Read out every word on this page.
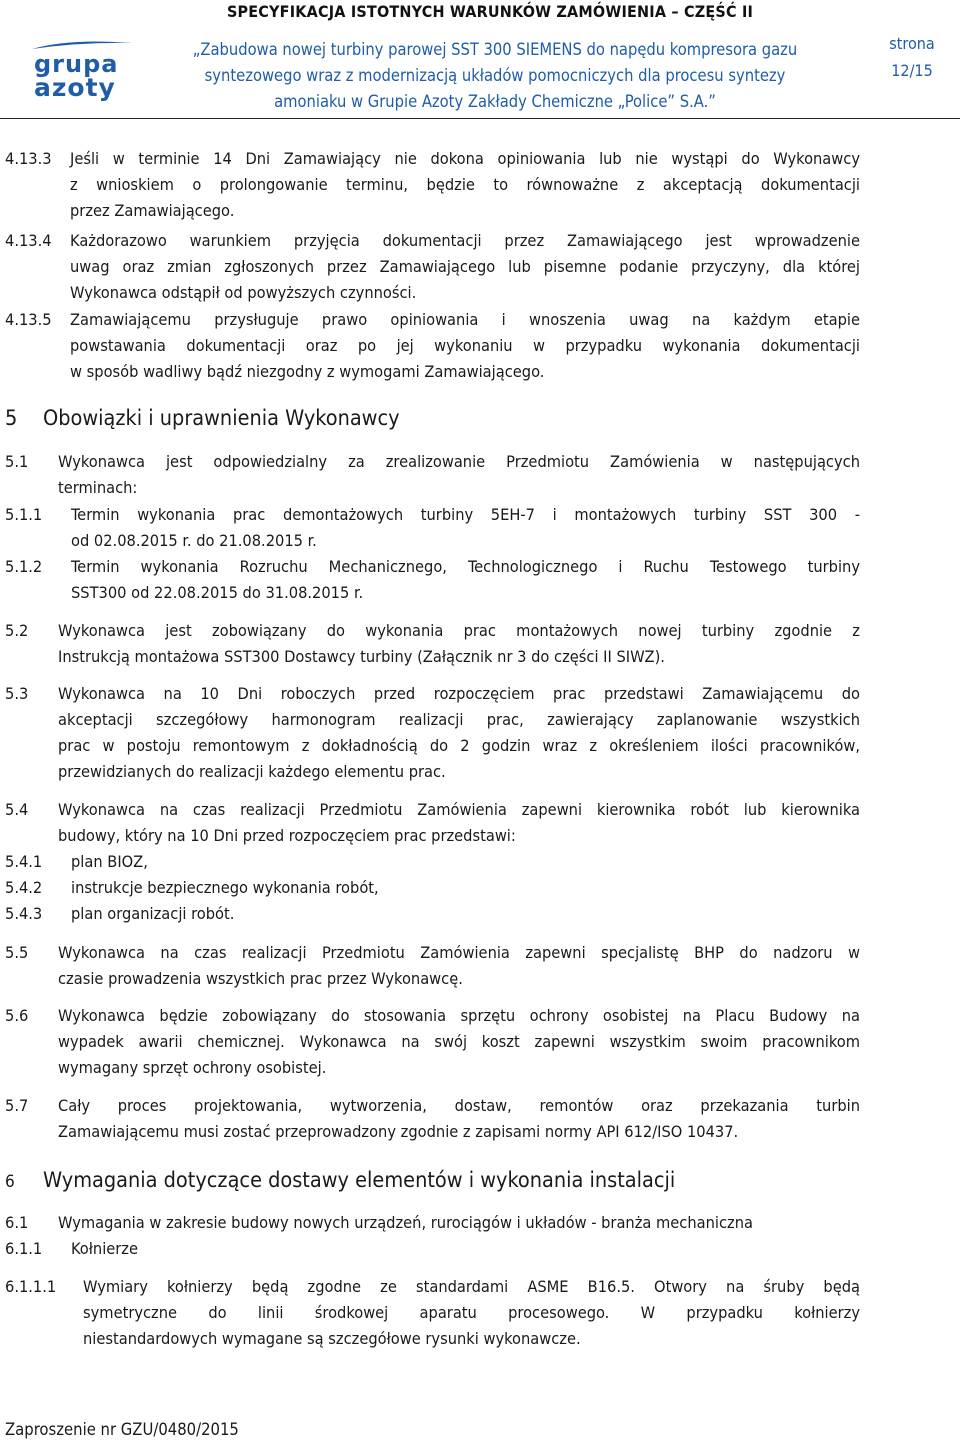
grupa
azoty
SPECYFIKACJA ISTOTNYCH WARUNKÓW ZAMÓWIENIA – CZĘŚĆ II
„Zabudowa nowej turbiny parowej SST 300 SIEMENS do napędu kompresora gazu
syntezowego wraz z modernizacją układów pomocniczych dla procesu syntezy
amoniaku w Grupie Azoty Zakłady Chemiczne „Police” S.A.”
strona
12/15
4.13.3 Jeśli w terminie 14 Dni Zamawiający nie dokona opiniowania lub nie wystąpi do Wykonawcy
z wnioskiem o prolongowanie terminu, będzie to równoważne z akceptacją dokumentacji
przez Zamawiającego.
4.13.4 Każdorazowo warunkiem przyjęcia dokumentacji przez Zamawiającego jest wprowadzenie
uwag oraz zmian zgłoszonych przez Zamawiającego lub pisemne podanie przyczyny, dla której
Wykonawca odstąpił od powyższych czynności.
4.13.5 Zamawiającemu przysługuje prawo opiniowania i wnoszenia uwag na każdym etapie
powstawania dokumentacji oraz po jej wykonaniu w przypadku wykonania dokumentacji
w sposób wadliwy bądź niezgodny z wymogami Zamawiającego.
5 Obowiązki i uprawnienia Wykonawcy
5.1 Wykonawca jest odpowiedzialny za zrealizowanie Przedmiotu Zamówienia w następujących
terminach:
5.1.1 Termin wykonania prac demontażowych turbiny 5EH-7 i montażowych turbiny SST 300 -
od 02.08.2015 r. do 21.08.2015 r.
5.1.2 Termin wykonania Rozruchu Mechanicznego, Technologicznego i Ruchu Testowego turbiny
SST300 od 22.08.2015 do 31.08.2015 r.
5.2 Wykonawca jest zobowiązany do wykonania prac montażowych nowej turbiny zgodnie z
Instrukcją montażowa SST300 Dostawcy turbiny (Załącznik nr 3 do części II SIWZ).
5.3 Wykonawca na 10 Dni roboczych przed rozpoczęciem prac przedstawi Zamawiającemu do
akceptacji szczegółowy harmonogram realizacji prac, zawierający zaplanowanie wszystkich
prac w postoju remontowym z dokładnością do 2 godzin wraz z określeniem ilości pracowników,
przewidzianych do realizacji każdego elementu prac.
5.4 Wykonawca na czas realizacji Przedmiotu Zamówienia zapewni kierownika robót lub kierownika
budowy, który na 10 Dni przed rozpoczęciem prac przedstawi:
5.4.1 plan BIOZ,
5.4.2 instrukcje bezpiecznego wykonania robót,
5.4.3 plan organizacji robót.
5.5 Wykonawca na czas realizacji Przedmiotu Zamówienia zapewni specjalistę BHP do nadzoru w
czasie prowadzenia wszystkich prac przez Wykonawcę.
5.6 Wykonawca będzie zobowiązany do stosowania sprzętu ochrony osobistej na Placu Budowy na
wypadek awarii chemicznej. Wykonawca na swój koszt zapewni wszystkim swoim pracownikom
wymagany sprzęt ochrony osobistej.
5.7 Cały proces projektowania, wytworzenia, dostaw, remontów oraz przekazania turbin
Zamawiającemu musi zostać przeprowadzony zgodnie z zapisami normy API 612/ISO 10437.
6 Wymagania dotyczące dostawy elementów i wykonania instalacji
6.1 Wymagania w zakresie budowy nowych urządzeń, rurociągów i układów - branża mechaniczna
6.1.1 Kołnierze
6.1.1.1 Wymiary kołnierzy będą zgodne ze standardami ASME B16.5. Otwory na śruby będą
symetryczne do linii środkowej aparatu procesowego. W przypadku kołnierzy
niestandardowych wymagane są szczegółowe rysunki wykonawcze.
Zaproszenie nr GZU/0480/2015
